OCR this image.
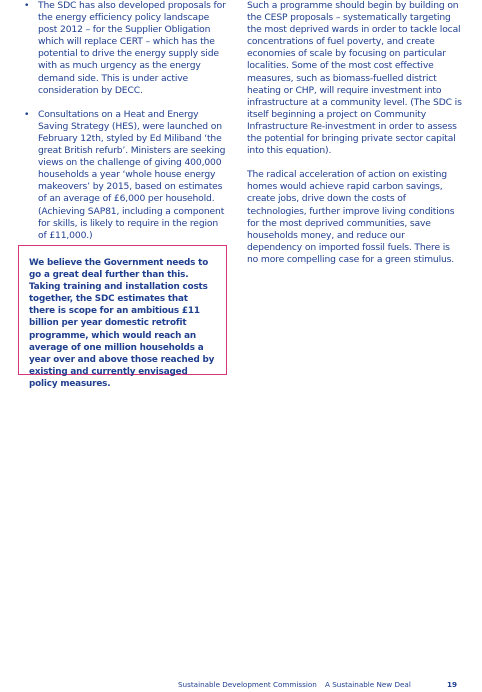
• The SDC has also developed proposals for the energy efficiency policy landscape post 2012 – for the Supplier Obligation which will replace CERT – which has the potential to drive the energy supply side with as much urgency as the energy demand side. This is under active consideration by DECC.
• Consultations on a Heat and Energy Saving Strategy (HES), were launched on February 12th, styled by Ed Miliband ‘the great British refurb’. Ministers are seeking views on the challenge of giving 400,000 households a year ‘whole house energy makeovers’ by 2015, based on estimates of an average of £6,000 per household. (Achieving SAP81, including a component for skills, is likely to require in the region of £11,000.)
We believe the Government needs to go a great deal further than this. Taking training and installation costs together, the SDC estimates that there is scope for an ambitious £11 billion per year domestic retrofit programme, which would reach an average of one million households a year over and above those reached by existing and currently envisaged policy measures.

Such a programme should begin by building on the CESP proposals – systematically targeting the most deprived wards in order to tackle local concentrations of fuel poverty, and create economies of scale by focusing on particular localities. Some of the most cost effective measures, such as biomass-fuelled district heating or CHP, will require investment into infrastructure at a community level. (The SDC is itself beginning a project on Community Infrastructure Re-investment in order to assess the potential for bringing private sector capital into this equation).

The radical acceleration of action on existing homes would achieve rapid carbon savings, create jobs, drive down the costs of technologies, further improve living conditions for the most deprived communities, save households money, and reduce our dependency on imported fossil fuels. There is no more compelling case for a green stimulus.

Sustainable Development Commission A Sustainable New Deal	19
